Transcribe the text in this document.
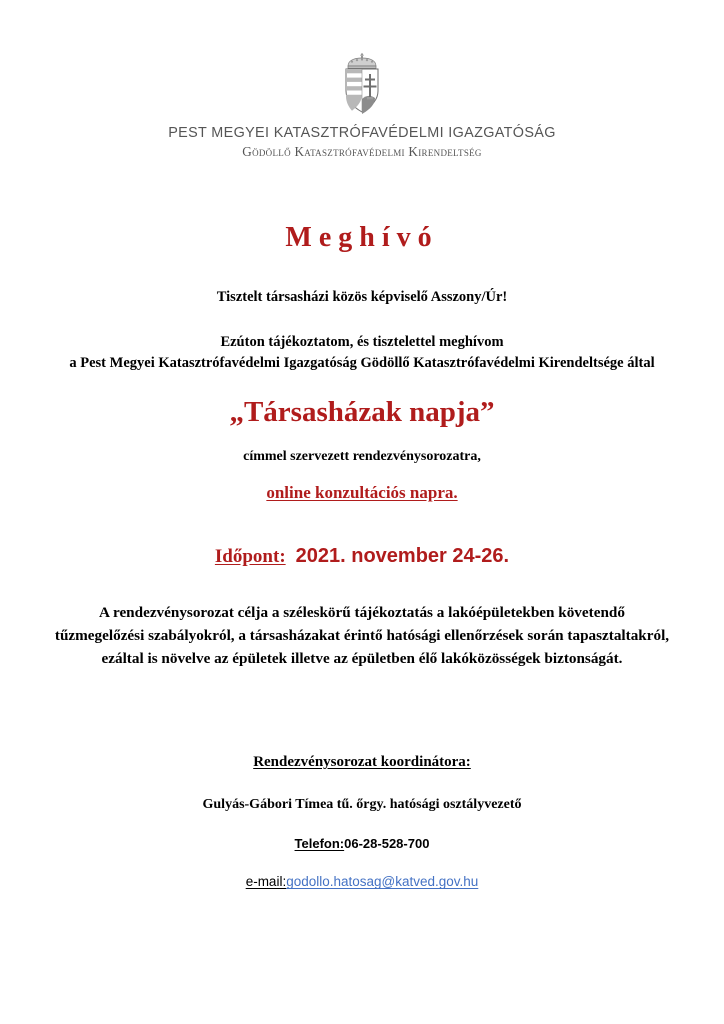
PEST MEGYEI KATASZTRÓFAVÉDELMI IGAZGATÓSÁG
Gödöllő Katasztrófavédelmi Kirendeltség
Meghívó
Tisztelt társasházi közös képviselő Asszony/Úr!
Ezúton tájékoztatom, és tisztelettel meghívom
a Pest Megyei Katasztrófavédelmi Igazgatóság Gödöllő Katasztrófavédelmi Kirendeltsége által
„Társasházak napja”
címmel szervezett rendezvénysorozatra,
online konzultációs napra.
Időpont: 2021. november 24-26.
A rendezvénysorozat célja a széleskörű tájékoztatás a lakóépületekben követendő tűzmegelőzési szabályokról, a társasházakat érintő hatósági ellenőrzések során tapasztaltakról, ezáltal is növelve az épületek illetve az épületben élő lakóközösségek biztonságát.
Rendezvénysorozat koordinátora:
Gulyás-Gábori Tímea tű. őrgy. hatósági osztályvezető
Telefon:06-28-528-700
e-mail:godollo.hatosag@katved.gov.hu
